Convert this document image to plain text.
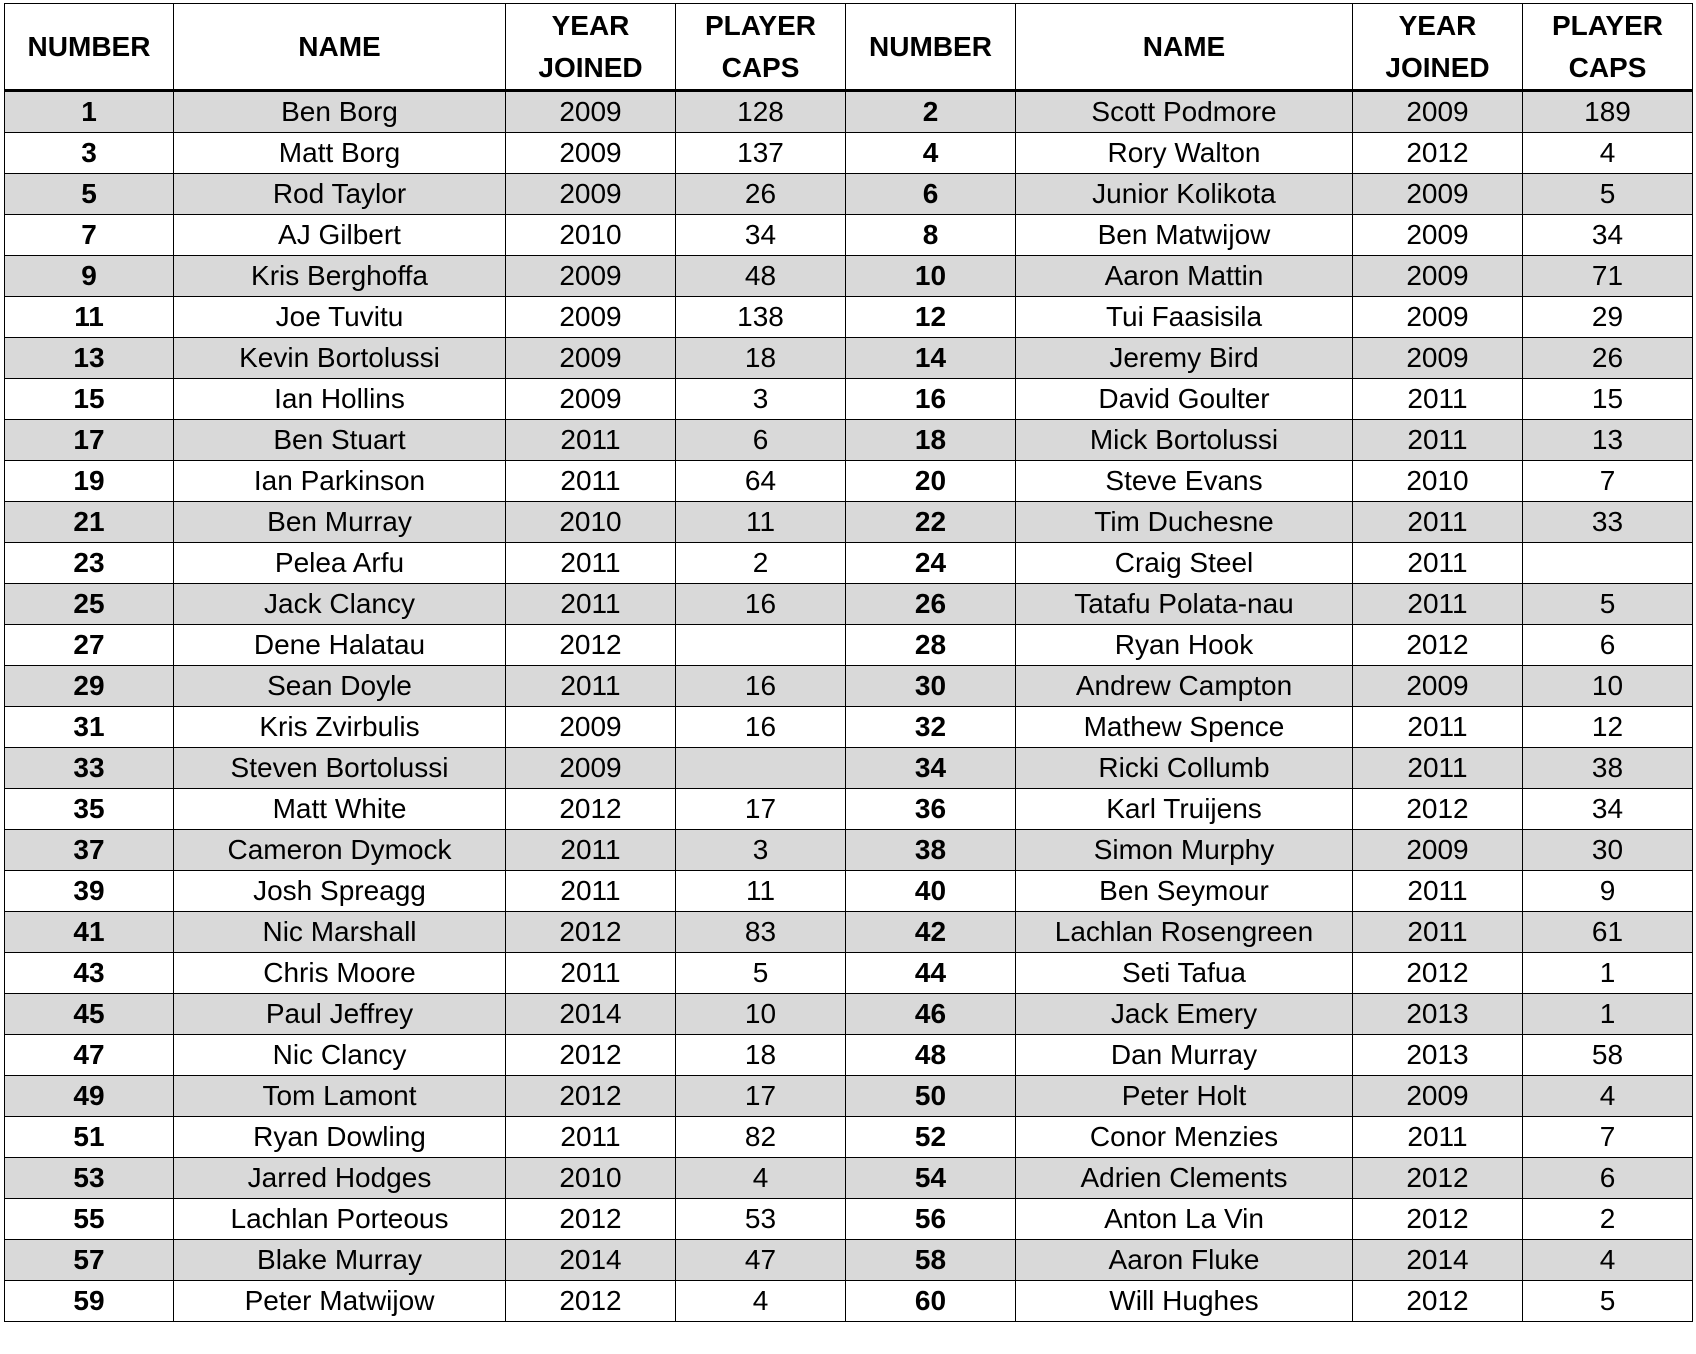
NUMBER	NAME	YEAR JOINED	PLAYER CAPS	NUMBER	NAME	YEAR JOINED	PLAYER CAPS
1	Ben Borg	2009	128	2	Scott Podmore	2009	189
3	Matt Borg	2009	137	4	Rory Walton	2012	4
5	Rod Taylor	2009	26	6	Junior Kolikota	2009	5
7	AJ Gilbert	2010	34	8	Ben Matwijow	2009	34
9	Kris Berghoffa	2009	48	10	Aaron Mattin	2009	71
11	Joe Tuvitu	2009	138	12	Tui Faasisila	2009	29
13	Kevin Bortolussi	2009	18	14	Jeremy Bird	2009	26
15	Ian Hollins	2009	3	16	David Goulter	2011	15
17	Ben Stuart	2011	6	18	Mick Bortolussi	2011	13
19	Ian Parkinson	2011	64	20	Steve Evans	2010	7
21	Ben Murray	2010	11	22	Tim Duchesne	2011	33
23	Pelea Arfu	2011	2	24	Craig Steel	2011	
25	Jack Clancy	2011	16	26	Tatafu Polata-nau	2011	5
27	Dene Halatau	2012		28	Ryan Hook	2012	6
29	Sean Doyle	2011	16	30	Andrew Campton	2009	10
31	Kris Zvirbulis	2009	16	32	Mathew Spence	2011	12
33	Steven Bortolussi	2009		34	Ricki Collumb	2011	38
35	Matt White	2012	17	36	Karl Truijens	2012	34
37	Cameron Dymock	2011	3	38	Simon Murphy	2009	30
39	Josh Spreagg	2011	11	40	Ben Seymour	2011	9
41	Nic Marshall	2012	83	42	Lachlan Rosengreen	2011	61
43	Chris Moore	2011	5	44	Seti Tafua	2012	1
45	Paul Jeffrey	2014	10	46	Jack Emery	2013	1
47	Nic Clancy	2012	18	48	Dan Murray	2013	58
49	Tom Lamont	2012	17	50	Peter Holt	2009	4
51	Ryan Dowling	2011	82	52	Conor Menzies	2011	7
53	Jarred Hodges	2010	4	54	Adrien Clements	2012	6
55	Lachlan Porteous	2012	53	56	Anton La Vin	2012	2
57	Blake Murray	2014	47	58	Aaron Fluke	2014	4
59	Peter Matwijow	2012	4	60	Will Hughes	2012	5
